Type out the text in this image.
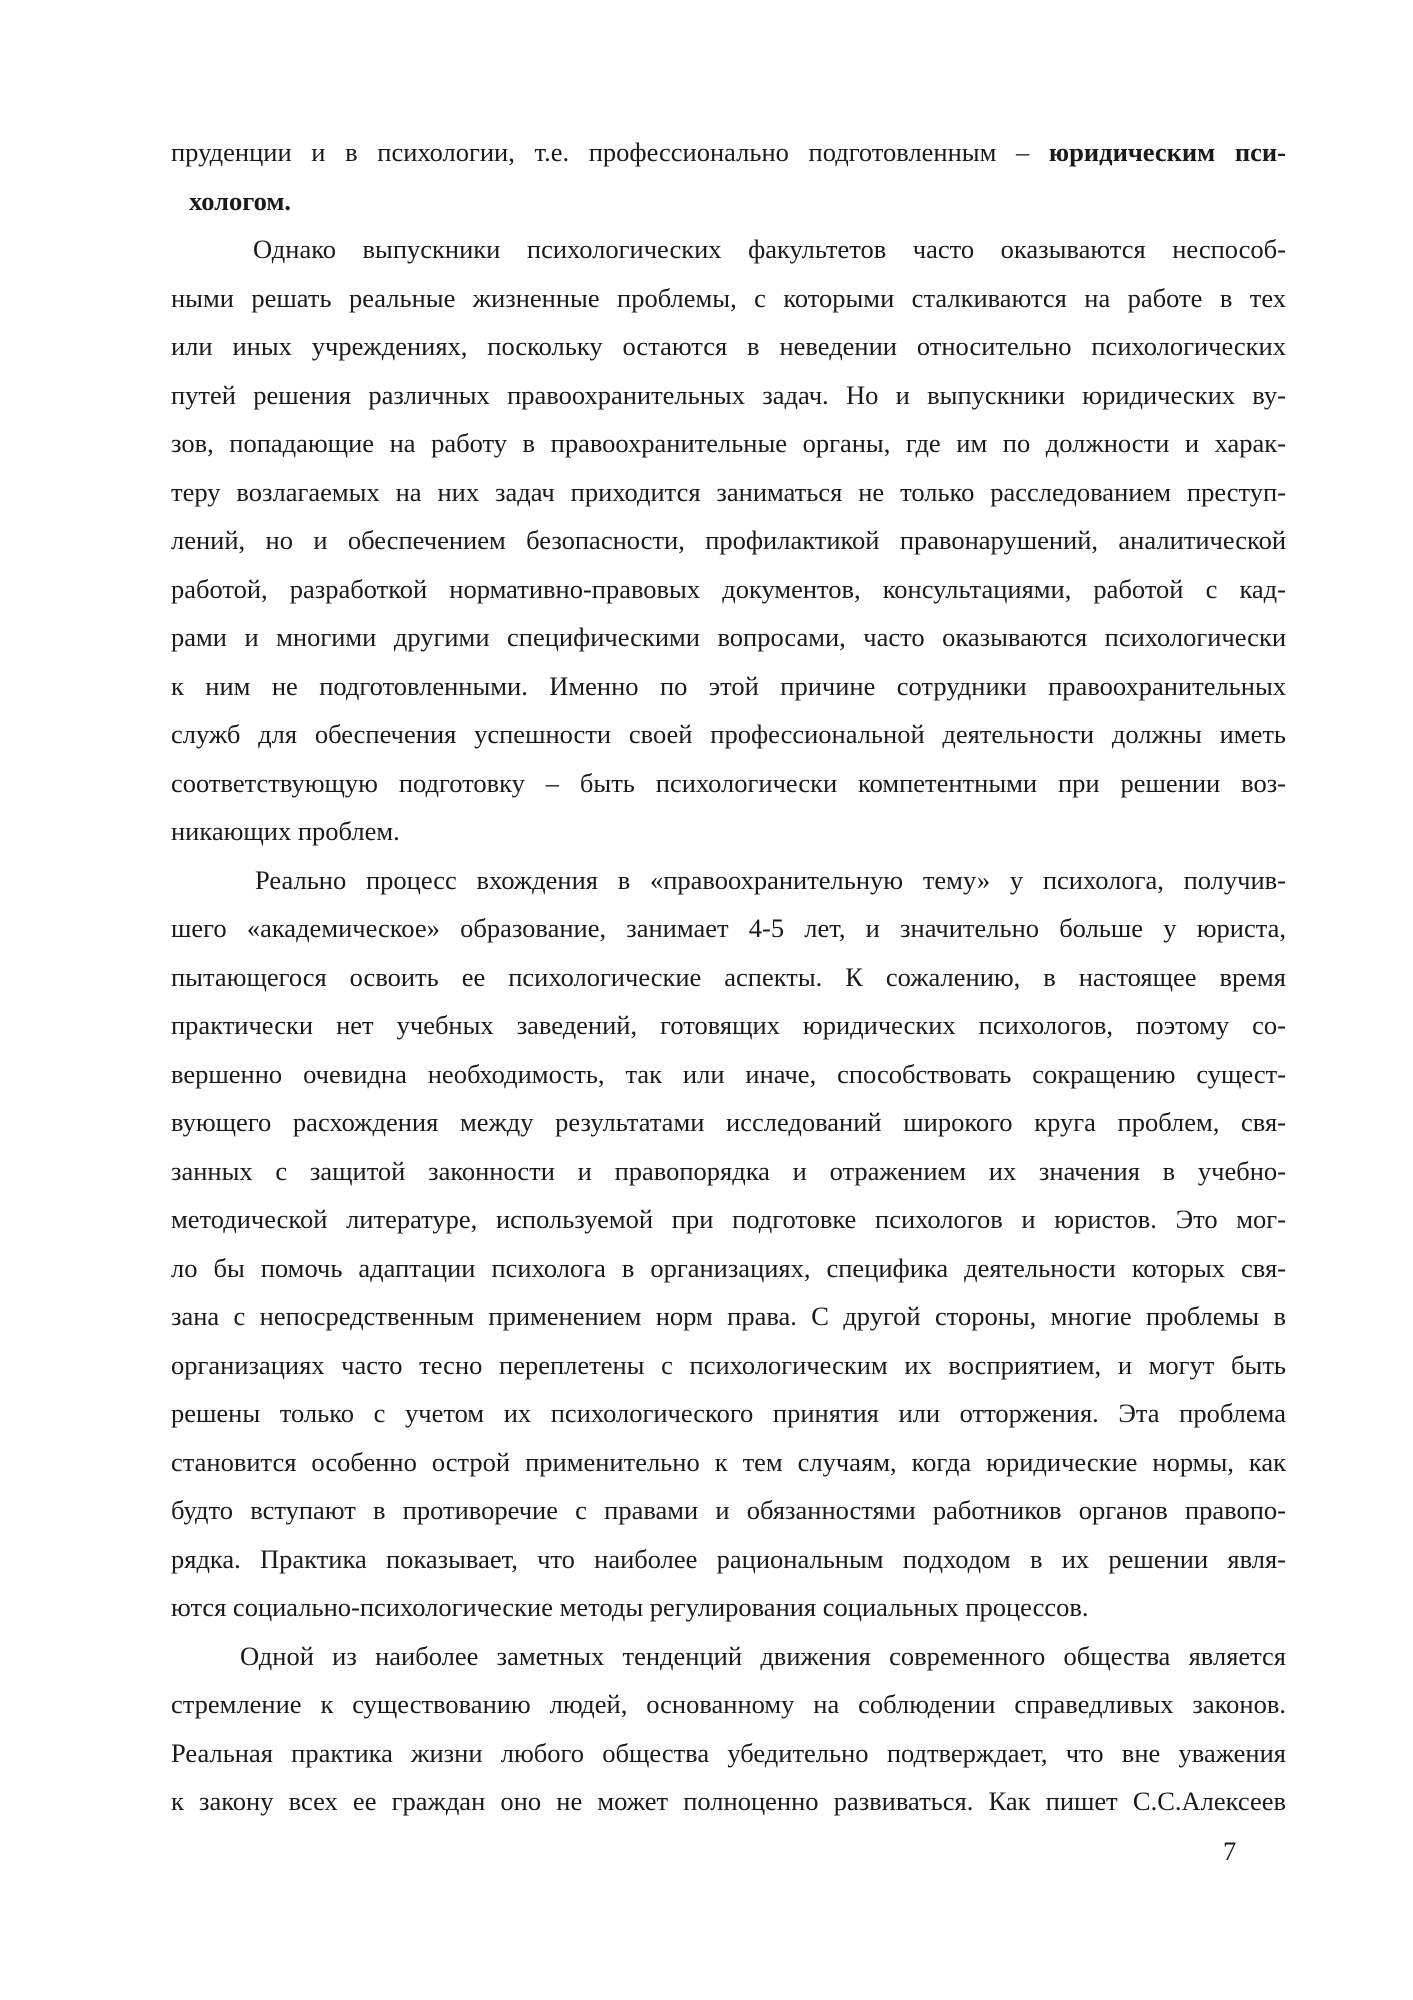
пруденции и в психологии, т.е. профессионально подготовленным – юридическим пси-
хологом.
Однако выпускники психологических факультетов часто оказываются неспособ-
ными решать реальные жизненные проблемы, с которыми сталкиваются на работе в тех
или иных учреждениях, поскольку остаются в неведении относительно психологических
путей решения различных правоохранительных задач. Но и выпускники юридических ву-
зов, попадающие на работу в правоохранительные органы, где им по должности и харак-
теру возлагаемых на них задач приходится заниматься не только расследованием преступ-
лений, но и обеспечением безопасности, профилактикой правонарушений, аналитической
работой, разработкой нормативно-правовых документов, консультациями, работой с кад-
рами и многими другими специфическими вопросами, часто оказываются психологически
к ним не подготовленными. Именно по этой причине сотрудники правоохранительных
служб для обеспечения успешности своей профессиональной деятельности должны иметь
соответствующую подготовку – быть психологически компетентными при решении воз-
никающих проблем.
Реально процесс вхождения в «правоохранительную тему» у психолога, получив-
шего «академическое» образование, занимает 4-5 лет, и значительно больше у юриста,
пытающегося освоить ее психологические аспекты. К сожалению, в настоящее время
практически нет учебных заведений, готовящих юридических психологов, поэтому со-
вершенно очевидна необходимость, так или иначе, способствовать сокращению сущест-
вующего расхождения между результатами исследований широкого круга проблем, свя-
занных с защитой законности и правопорядка и отражением их значения в учебно-
методической литературе, используемой при подготовке психологов и юристов. Это мог-
ло бы помочь адаптации психолога в организациях, специфика деятельности которых свя-
зана с непосредственным применением норм права. С другой стороны, многие проблемы в
организациях часто тесно переплетены с психологическим их восприятием, и могут быть
решены только с учетом их психологического принятия или отторжения. Эта проблема
становится особенно острой применительно к тем случаям, когда юридические нормы, как
будто вступают в противоречие с правами и обязанностями работников органов правопо-
рядка. Практика показывает, что наиболее рациональным подходом в их решении явля-
ются социально-психологические методы регулирования социальных процессов.
Одной из наиболее заметных тенденций движения современного общества является
стремление к существованию людей, основанному на соблюдении справедливых законов.
Реальная практика жизни любого общества убедительно подтверждает, что вне уважения
к закону всех ее граждан оно не может полноценно развиваться. Как пишет С.С.Алексеев
7
